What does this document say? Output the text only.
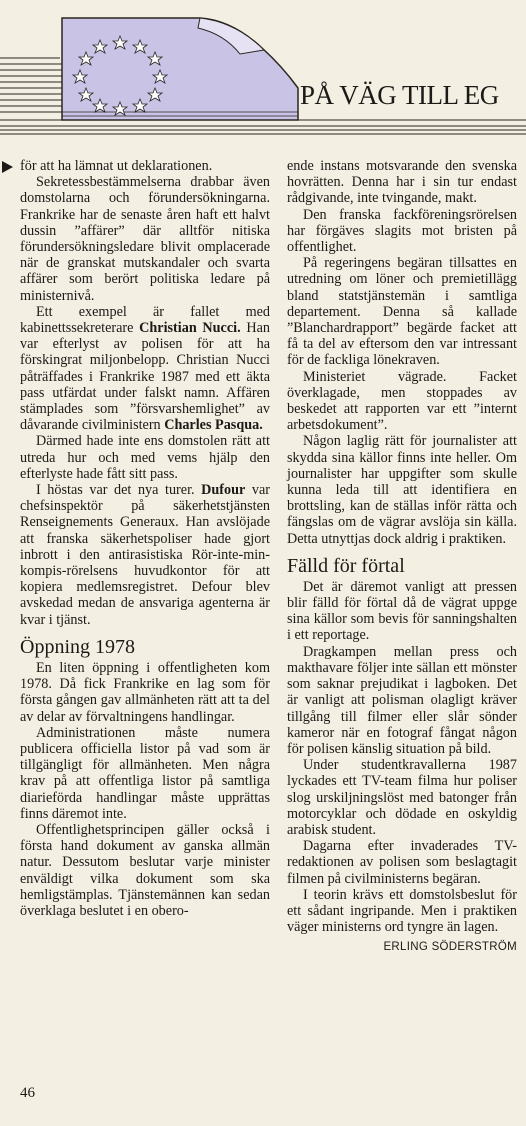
PÅ VÄG TILL EG

för att ha lämnat ut deklarationen.

Sekretessbestämmelserna drabbar även domstolarna och förundersökningarna. Frankrike har de senaste åren haft ett halvt dussin ”affärer” där alltför nitiska förundersökningsledare blivit omplacerade när de granskat mutskandaler och svarta affärer som berört politiska ledare på ministernivå.

Ett exempel är fallet med kabinettssekreterare Christian Nucci. Han var efterlyst av polisen för att ha förskingrat miljonbelopp. Christian Nucci påträffades i Frankrike 1987 med ett äkta pass utfärdat under falskt namn. Affären stämplades som ”försvarshemlighet” av dåvarande civilministern Charles Pasqua.

Därmed hade inte ens domstolen rätt att utreda hur och med vems hjälp den efterlyste hade fått sitt pass.

I höstas var det nya turer. Dufour var chefsinspektör på säkerhetstjänsten Renseignements Generaux. Han avslöjade att franska säkerhetspoliser hade gjort inbrott i den antirasistiska Rör-inte-min-kompis-rörelsens huvudkontor för att kopiera medlemsregistret. Defour blev avskedad medan de ansvariga agenterna är kvar i tjänst.

Öppning 1978

En liten öppning i offentligheten kom 1978. Då fick Frankrike en lag som för första gången gav allmänheten rätt att ta del av delar av förvaltningens handlingar.

Administrationen måste numera publicera officiella listor på vad som är tillgängligt för allmänheten. Men några krav på att offentliga listor på samtliga diarieförda handlingar måste upprättas finns däremot inte.

Offentlighetsprincipen gäller också i första hand dokument av ganska allmän natur. Dessutom beslutar varje minister enväldigt vilka dokument som ska hemligstämplas. Tjänstemännen kan sedan överklaga beslutet i en obero-

ende instans motsvarande den svenska hovrätten. Denna har i sin tur endast rådgivande, inte tvingande, makt.

Den franska fackföreningsrörelsen har förgäves slagits mot bristen på offentlighet.

På regeringens begäran tillsattes en utredning om löner och premietillägg bland statstjänstemän i samtliga departement. Denna så kallade ”Blanchardrapport” begärde facket att få ta del av eftersom den var intressant för de fackliga lönekraven.

Ministeriet vägrade. Facket överklagade, men stoppades av beskedet att rapporten var ett ”internt arbetsdokument”.

Någon laglig rätt för journalister att skydda sina källor finns inte heller. Om journalister har uppgifter som skulle kunna leda till att identifiera en brottsling, kan de ställas inför rätta och fängslas om de vägrar avslöja sin källa. Detta utnyttjas dock aldrig i praktiken.

Fälld för förtal

Det är däremot vanligt att pressen blir fälld för förtal då de vägrat uppge sina källor som bevis för sanningshalten i ett reportage.

Dragkampen mellan press och makthavare följer inte sällan ett mönster som saknar prejudikat i lagboken. Det är vanligt att polisman olagligt kräver tillgång till filmer eller slår sönder kameror när en fotograf fångat någon för polisen känslig situation på bild.

Under studentkravallerna 1987 lyckades ett TV-team filma hur poliser slog urskiljningslöst med batonger från motorcyklar och dödade en oskyldig arabisk student.

Dagarna efter invaderades TV-redaktionen av polisen som beslagtagit filmen på civilministerns begäran.

I teorin krävs ett domstolsbeslut för ett sådant ingripande. Men i praktiken väger ministerns ord tyngre än lagen.

ERLING SÖDERSTRÖM
46
